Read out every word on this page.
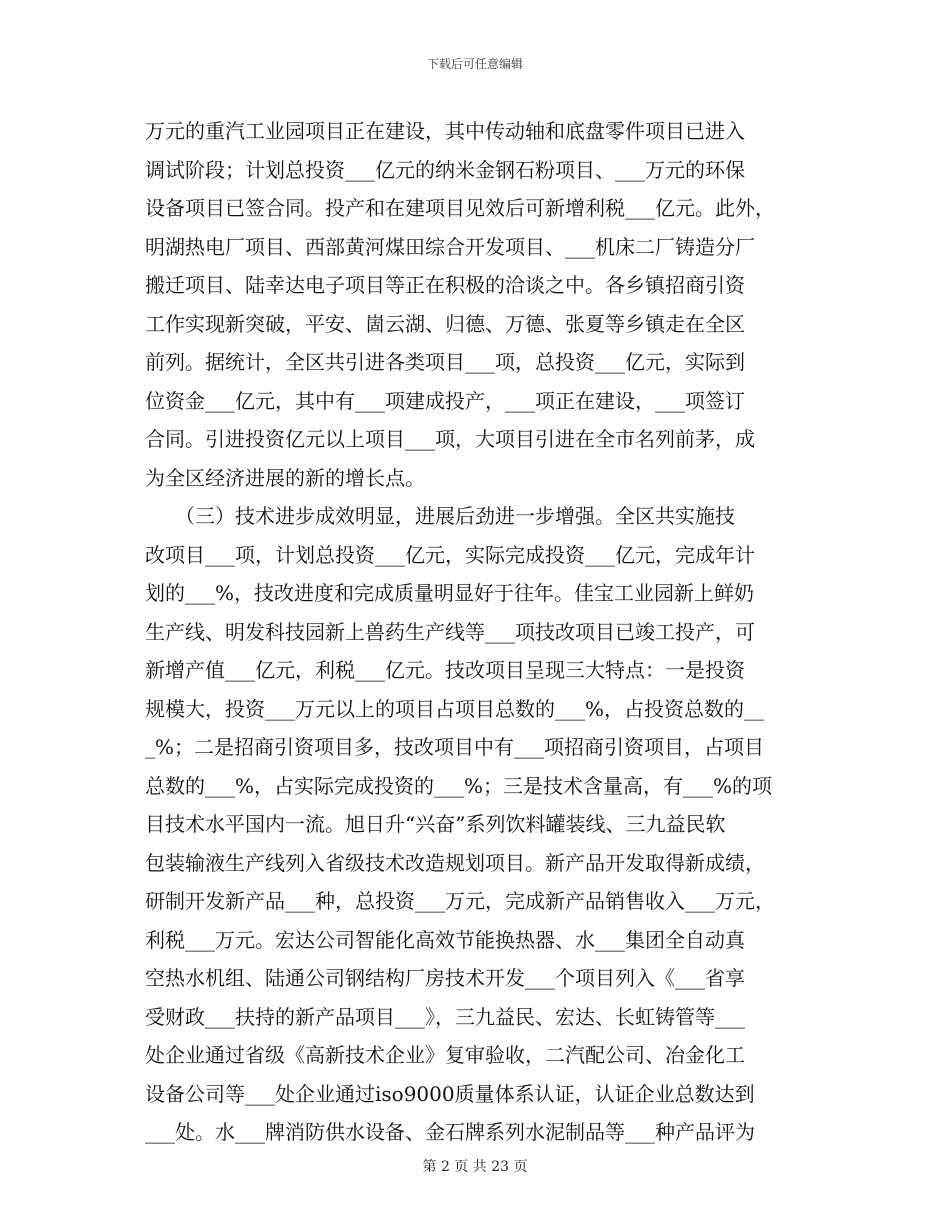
下载后可任意编辑
万元的重汽工业园项目正在建设，其中传动轴和底盘零件项目已进入
调试阶段；计划总投资___亿元的纳米金钢石粉项目、___万元的环保
设备项目已签合同。投产和在建项目见效后可新增利税___亿元。此外，
明湖热电厂项目、西部黄河煤田综合开发项目、___机床二厂铸造分厂
搬迁项目、陆幸达电子项目等正在积极的洽谈之中。各乡镇招商引资
工作实现新突破，平安、崮云湖、归德、万德、张夏等乡镇走在全区
前列。据统计，全区共引进各类项目___项，总投资___亿元，实际到
位资金___亿元，其中有___项建成投产，___项正在建设，___项签订
合同。引进投资亿元以上项目___项，大项目引进在全市名列前茅，成
为全区经济进展的新的增长点。
　　（三）技术进步成效明显，进展后劲进一步增强。全区共实施技
改项目___项，计划总投资___亿元，实际完成投资___亿元，完成年计
划的___%，技改进度和完成质量明显好于往年。佳宝工业园新上鲜奶
生产线、明发科技园新上兽药生产线等___项技改项目已竣工投产，可
新增产值___亿元，利税___亿元。技改项目呈现三大特点：一是投资
规模大，投资___万元以上的项目占项目总数的___%，占投资总数的__
_%；二是招商引资项目多，技改项目中有___项招商引资项目，占项目
总数的___%，占实际完成投资的___%；三是技术含量高，有___%的项
目技术水平国内一流。旭日升“兴奋”系列饮料罐装线、三九益民软
包装输液生产线列入省级技术改造规划项目。新产品开发取得新成绩，
研制开发新产品___种，总投资___万元，完成新产品销售收入___万元，
利税___万元。宏达公司智能化高效节能换热器、水___集团全自动真
空热水机组、陆通公司钢结构厂房技术开发___个项目列入《___省享
受财政___扶持的新产品项目___》，三九益民、宏达、长虹铸管等___
处企业通过省级《高新技术企业》复审验收，二汽配公司、冶金化工
设备公司等___处企业通过iso9000质量体系认证，认证企业总数达到
___处。水___牌消防供水设备、金石牌系列水泥制品等___种产品评为
第 2 页 共 23 页
